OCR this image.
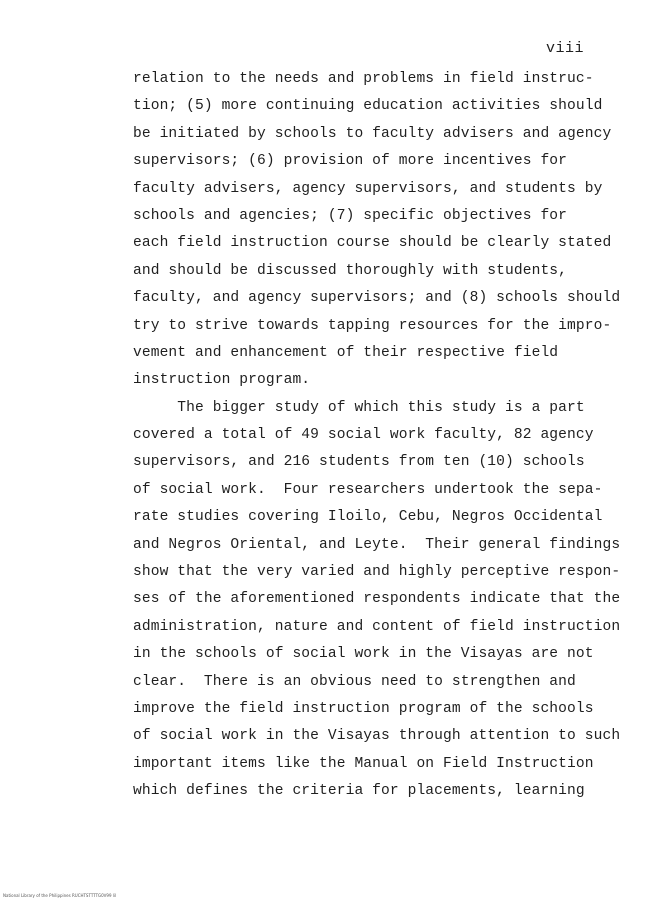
viii
relation to the needs and problems in field instruc-
tion; (5) more continuing education activities should
be initiated by schools to faculty advisers and agency
supervisors; (6) provision of more incentives for
faculty advisers, agency supervisors, and students by
schools and agencies; (7) specific objectives for
each field instruction course should be clearly stated
and should be discussed thoroughly with students,
faculty, and agency supervisors; and (8) schools should
try to strive towards tapping resources for the impro-
vement and enhancement of their respective field
instruction program.
The bigger study of which this study is a part
covered a total of 49 social work faculty, 82 agency
supervisors, and 216 students from ten (10) schools
of social work.  Four researchers undertook the sepa-
rate studies covering Iloilo, Cebu, Negros Occidental
and Negros Oriental, and Leyte.  Their general findings
show that the very varied and highly perceptive respon-
ses of the aforementioned respondents indicate that the
administration, nature and content of field instruction
in the schools of social work in the Visayas are not
clear.  There is an obvious need to strengthen and
improve the field instruction program of the schools
of social work in the Visayas through attention to such
important items like the Manual on Field Instruction
which defines the criteria for placements, learning
National Library of the Philippines RUCHTSTTTTG0V99 lil
